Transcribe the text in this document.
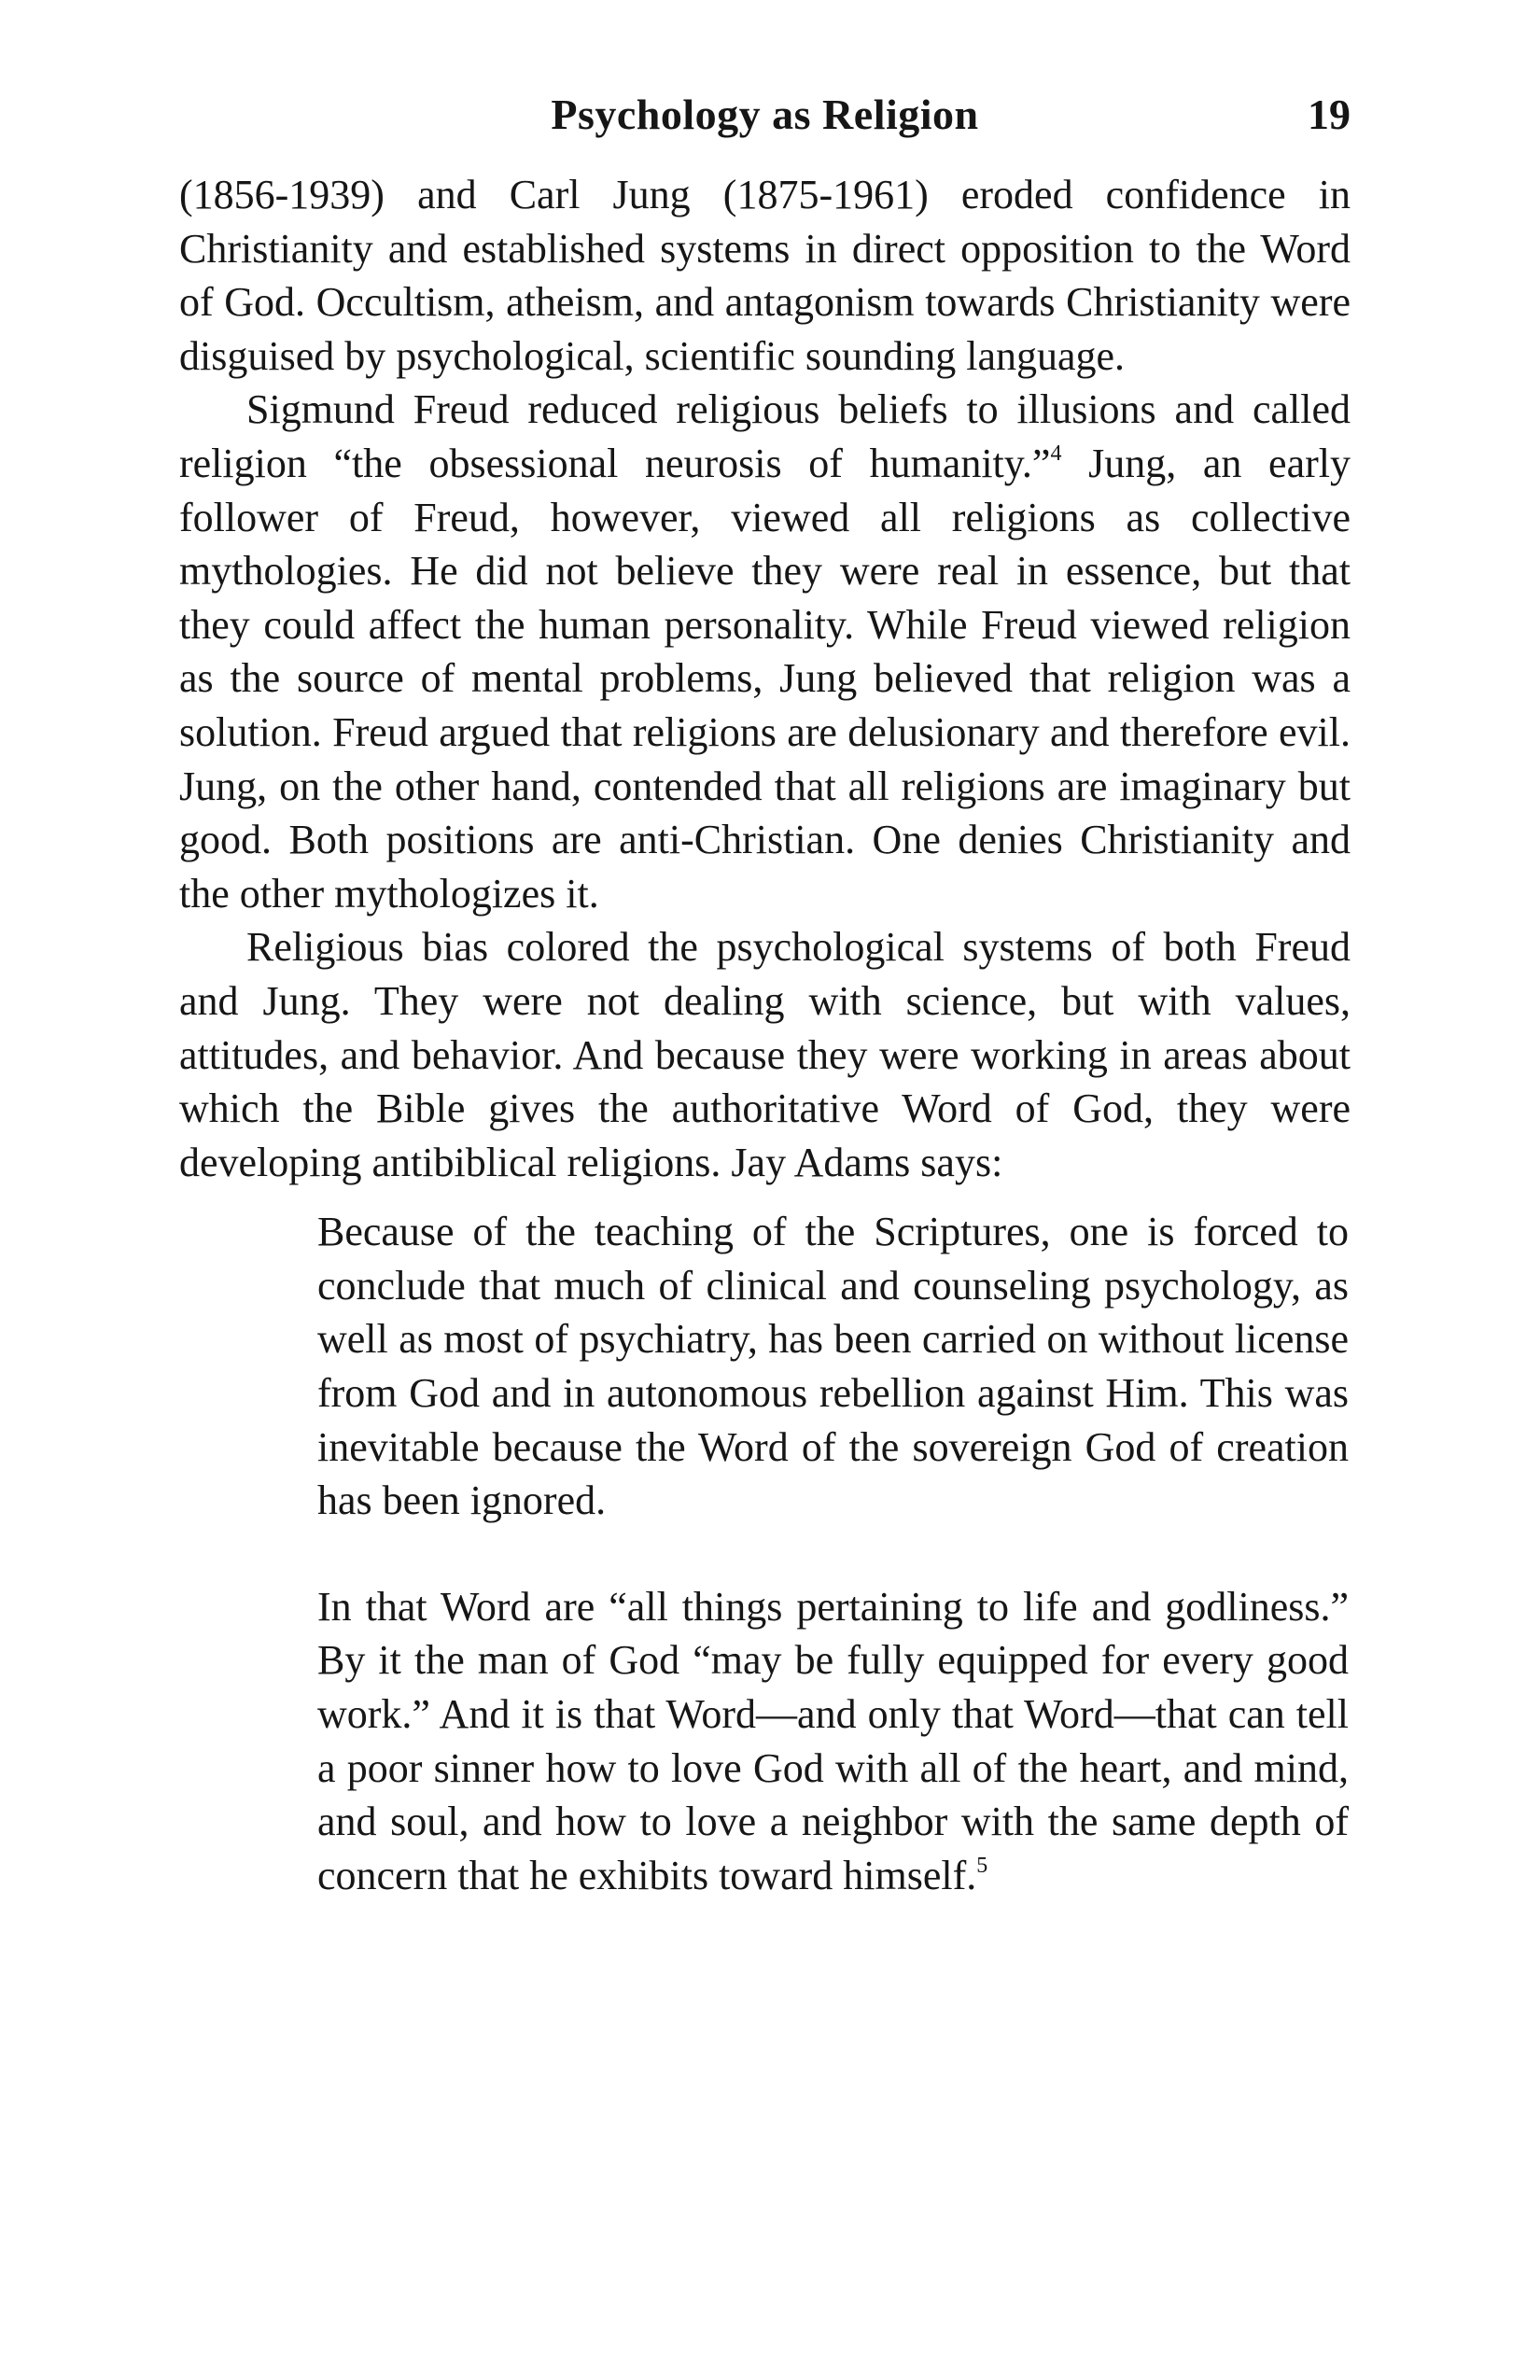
Psychology as Religion	19

(1856-1939) and Carl Jung (1875-1961) eroded confidence in Christianity and established systems in direct opposition to the Word of God. Occultism, atheism, and antagonism towards Christianity were disguised by psychological, scientific sounding language.

Sigmund Freud reduced religious beliefs to illusions and called religion “the obsessional neurosis of humanity.”$^4$ Jung, an early follower of Freud, however, viewed all religions as collective mythologies. He did not believe they were real in essence, but that they could affect the human personality. While Freud viewed religion as the source of mental problems, Jung believed that religion was a solution. Freud argued that religions are delusionary and therefore evil. Jung, on the other hand, contended that all religions are imaginary but good. Both positions are anti-Christian. One denies Christianity and the other mythologizes it.

Religious bias colored the psychological systems of both Freud and Jung. They were not dealing with science, but with values, attitudes, and behavior. And because they were working in areas about which the Bible gives the authoritative Word of God, they were developing antibiblical religions. Jay Adams says:

Because of the teaching of the Scriptures, one is forced to conclude that much of clinical and counseling psychology, as well as most of psychiatry, has been carried on without license from God and in autonomous rebellion against Him. This was inevitable because the Word of the sovereign God of creation has been ignored.

In that Word are “all things pertaining to life and godliness.” By it the man of God “may be fully equipped for every good work.” And it is that Word—and only that Word—that can tell a poor sinner how to love God with all of the heart, and mind, and soul, and how to love a neighbor with the same depth of concern that he exhibits toward himself.$^5$
